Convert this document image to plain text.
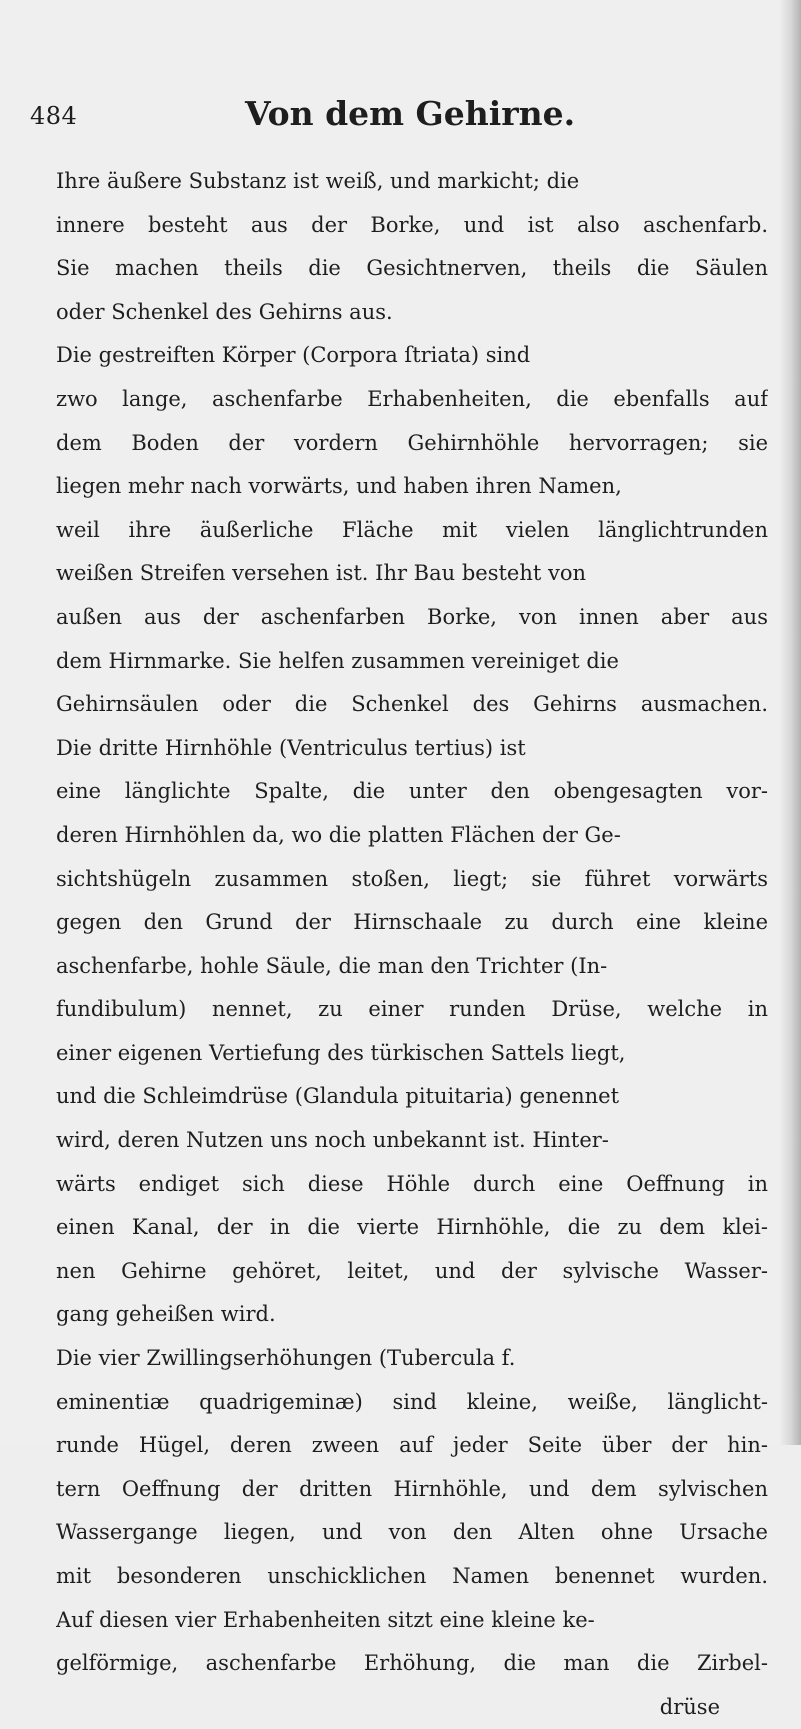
484	Von dem Gehirne.
Ihre äußere Substanz ist weiß, und markicht; die
innere besteht aus der Borke, und ist also aschenfarb.
Sie machen theils die Gesichtnerven, theils die Säulen
oder Schenkel des Gehirns aus.
Die gestreiften Körper (Corpora ſtriata) sind
zwo lange, aschenfarbe Erhabenheiten, die ebenfalls auf
dem Boden der vordern Gehirnhöhle hervorragen; sie
liegen mehr nach vorwärts, und haben ihren Namen,
weil ihre äußerliche Fläche mit vielen länglichtrunden
weißen Streifen versehen ist. Ihr Bau besteht von
außen aus der aschenfarben Borke, von innen aber aus
dem Hirnmarke. Sie helfen zusammen vereiniget die
Gehirnsäulen oder die Schenkel des Gehirns ausmachen.
Die dritte Hirnhöhle (Ventriculus tertius) ist
eine länglichte Spalte, die unter den obengesagten vor-
deren Hirnhöhlen da, wo die platten Flächen der Ge-
sichtshügeln zusammen stoßen, liegt; sie führet vorwärts
gegen den Grund der Hirnschaale zu durch eine kleine
aschenfarbe, hohle Säule, die man den Trichter (In-
fundibulum) nennet, zu einer runden Drüse, welche in
einer eigenen Vertiefung des türkischen Sattels liegt,
und die Schleimdrüse (Glandula pituitaria) genennet
wird, deren Nutzen uns noch unbekannt ist. Hinter-
wärts endiget sich diese Höhle durch eine Oeffnung in
einen Kanal, der in die vierte Hirnhöhle, die zu dem klei-
nen Gehirne gehöret, leitet, und der sylvische Wasser-
gang geheißen wird.
Die vier Zwillingserhöhungen (Tubercula f.
eminentiæ quadrigeminæ) sind kleine, weiße, länglicht-
runde Hügel, deren zween auf jeder Seite über der hin-
tern Oeffnung der dritten Hirnhöhle, und dem sylvischen
Wassergange liegen, und von den Alten ohne Ursache
mit besonderen unschicklichen Namen benennet wurden.
Auf diesen vier Erhabenheiten sitzt eine kleine ke-
gelförmige, aschenfarbe Erhöhung, die man die Zirbel-
drüse
